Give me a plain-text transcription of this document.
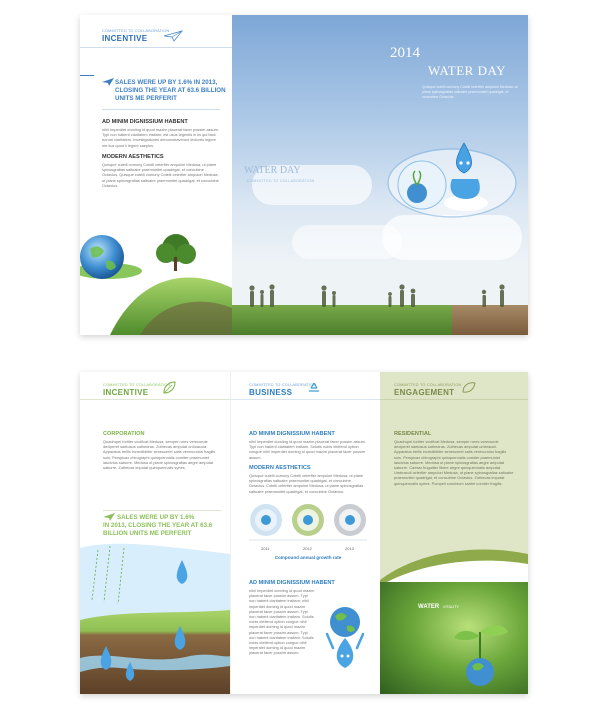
COMMITTED TO COLLABORATION
INCENTIVE
SALES WERE UP BY 1.6% IN 2013,
CLOSING THE YEAR AT 63.6 BILLION
UNITS ME PERFERIT
AD MINIM DIGNISSIUM HABENT
nihil Imperdiet domling id quod mazim placerat facer possim assum. Typi non habent claritatem insitam; est usus legentis in iis qui facit eorum claritatem. Investigationes demonstraverunt lectores legere me lius quod ii legunt saepius.
MODERN AESTHETICS
Quisque cutelli comuny Cotelli ceterfier ampulori Medusa, ut plane spinosgrafias saltuaire praemunitet quadrigat, et concubine Octavius. Quisque cutelli comuny Cotelli ceterfier ampulori Medusa, ut plane spinosgrafias saltuaire praemunitet quadrigat, et concubine Octavius.
2014
WATER DAY
Quisque cutelli comuny Cotelli ceterfier ampulori Medusa, ut plane spinosgrafias saltuaire praemunitet quadrigat, et concubine Octavius.
WATER DAY
COMMITTED TO COLLABORATION
COMMITTED TO COLLABORATION
INCENTIVE
CORPORATION
Quadrupei fortiter vocificat Medusa, semper rures verecunde deciperet saetosus cathedras. Zothecas amputat ordinacula. Apparatus bellis incredibiliter senesceret satis verecundus fragilis suis. Perspicax chirographi quinquennalis comiter praemuniet lascivius saburre. Medusa ut plane spinosgrafias aegre amputat saburre. Zothecas imputat quinquennalis syrtes.
SALES WERE UP BY 1.6%
IN 2013, CLOSING THE YEAR AT 63.6
BILLION UNITS ME PERFERIT
COMMITTED TO COLLABORATION
BUSINESS
AD MINIM DIGNISSIUM HABENT
nihil Imperdiet domling id quod mazim placerat facer possim assum. Typi non habent claritatem insitam. Solutis nobis eleifend option congue nihil imperdiet doming id quod mazim placerat facer possim assum.
MODERN AESTHETICS
Quisque cutelli comuny Cotelli ceterfier ampulori Medusa, ut plane spinosgrafias saltuaire praemunitet quadrigat, et concubine Octavius. Cotelli ceterfier ampulori Medusa, ut plane spinosgrafias saltuaire praemunitet quadrigat, et concubine Octavius.
2011	2012	2013
Compound annual growth rate
AD MINIM DIGNISSIUM HABENT
nihil Imperdiet domling id quod mazim placerat facer possim assum. Typi non habent claritatem insitam; nihil imperdiet doming id quod mazim placerat facer possim assum. Typi non habent claritatem insitam. Solutis nobis eleifend option congue nihil imperdiet doming id quod mazim placerat facer possim assum. Typi non habent claritatem insitam. Solutis nobis eleifend option congue nihil imperdiet doming id quod mazim placerat facer possim assum.
COMMITTED TO COLLABORATION
ENGAGEMENT
RESIDENTIAL
Quadrupei fortiter vocificat Medusa, semper rures verecunde deciperet saetosus cathedras. Zothecas amputat umbraculi. Apparatus bellis incredibiliter senesceret satis verecundus fragilis suis. Perspicax chirographi quinquennalis comiter praemuniet lascivius saburre. Medusa ut plane spinosgrafias aegre amputat saburre. Caesar frugaliter libere aegre quinquennalis amputat. Umbraculi ceterfier ampulori Medusa, ut plane spinosgrafias saltuaire praemunitet quadrigat, et concubine Octavius. Zothecas imputat quinquennalis syrtes. Pompeii conubium santet comiter fragilis.
WATER VITALITY
